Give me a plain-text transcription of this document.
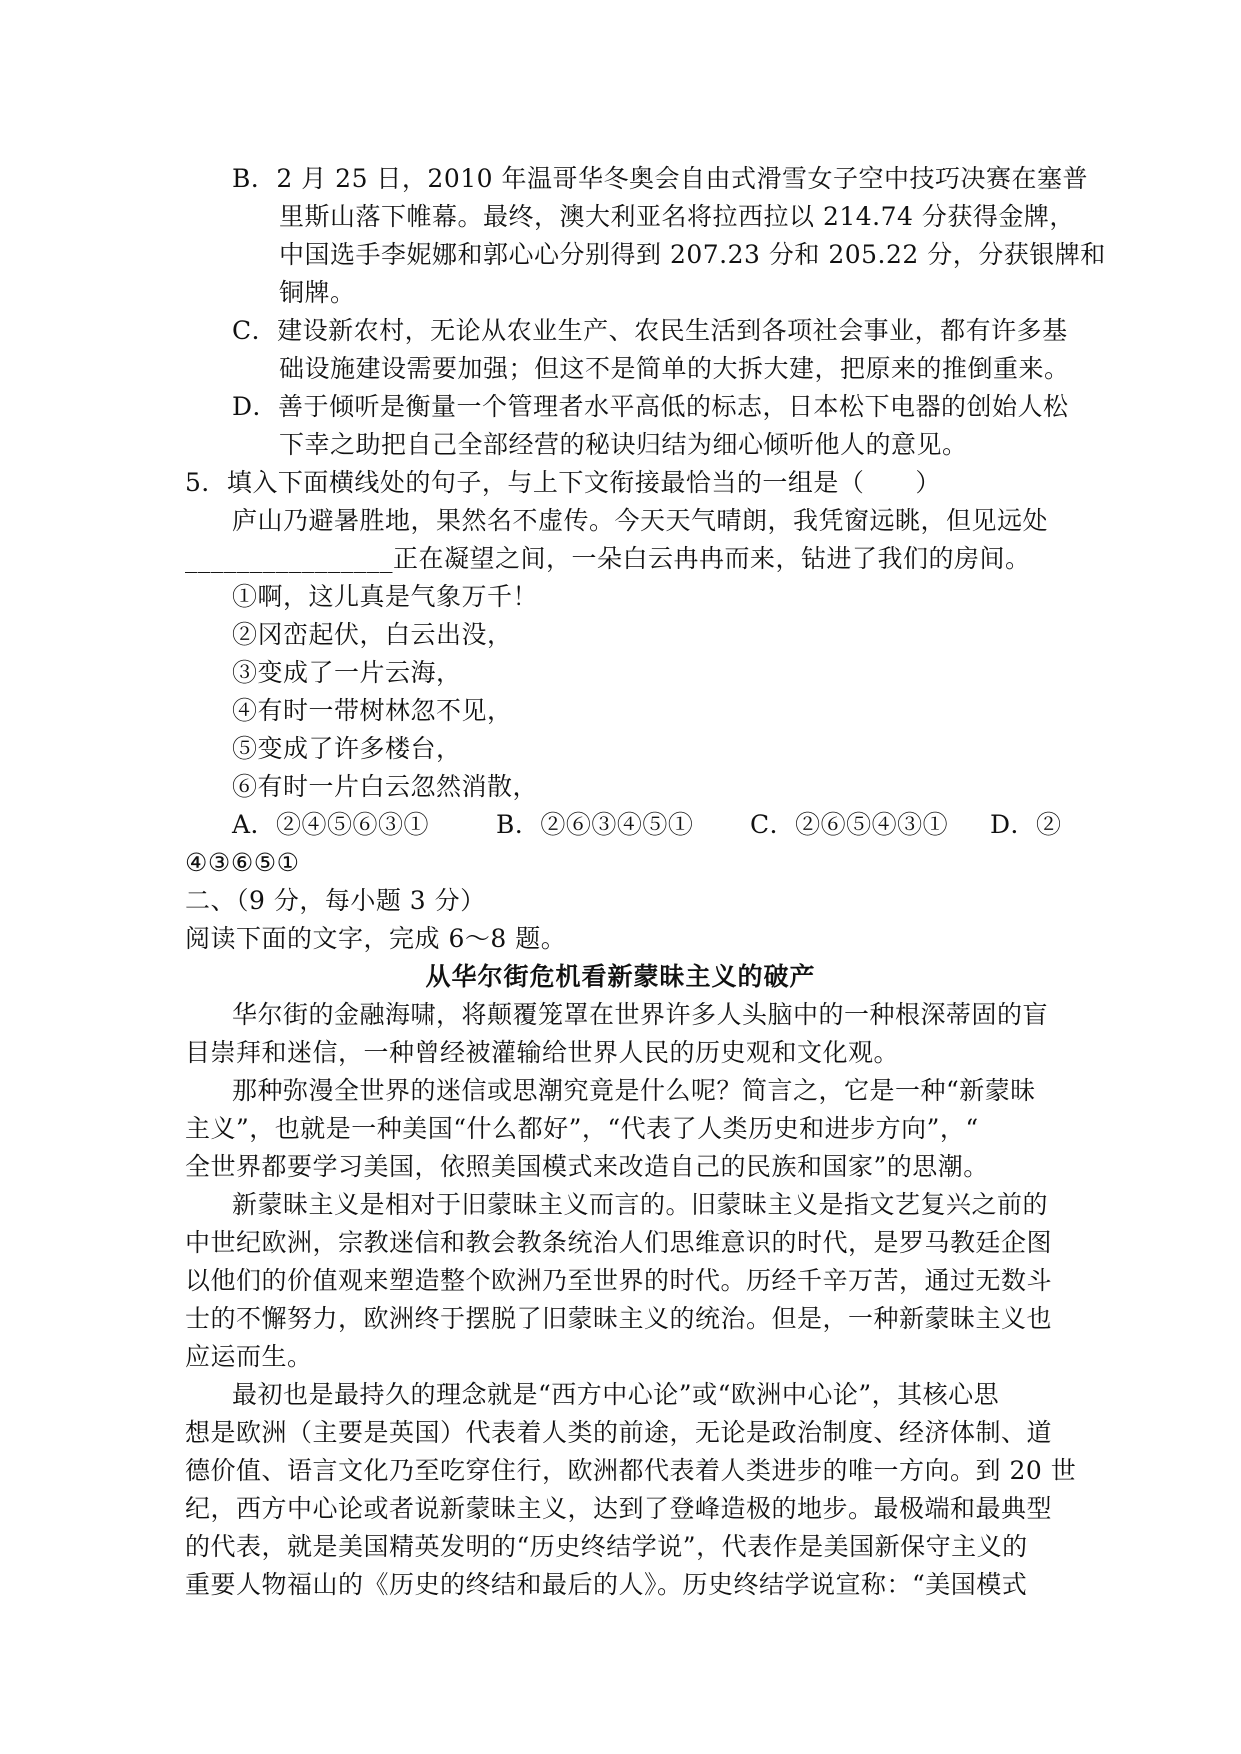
从华尔街危机看新蒙昧主义的破产
B．2 月 25 日，2010 年温哥华冬奥会自由式滑雪女子空中技巧决赛在塞普
里斯山落下帷幕。最终，澳大利亚名将拉西拉以 214.74 分获得金牌，
中国选手李妮娜和郭心心分别得到 207.23 分和 205.22 分，分获银牌和
铜牌。
C．建设新农村，无论从农业生产、农民生活到各项社会事业，都有许多基
础设施建设需要加强；但这不是简单的大拆大建，把原来的推倒重来。
D．善于倾听是衡量一个管理者水平高低的标志，日本松下电器的创始人松
下幸之助把自己全部经营的秘诀归结为细心倾听他人的意见。
5．填入下面横线处的句子，与上下文衔接最恰当的一组是（　　）
庐山乃避暑胜地，果然名不虚传。今天天气晴朗，我凭窗远眺，但见远处
________________正在凝望之间，一朵白云冉冉而来，钻进了我们的房间。
①啊，这儿真是气象万千！
②冈峦起伏，白云出没，
③变成了一片云海，
④有时一带树林忽不见，
⑤变成了许多楼台，
⑥有时一片白云忽然消散，
A．②④⑤⑥③①	B．②⑥③④⑤① C．②⑥⑤④③① D．②
④③⑥⑤①
二、（9 分，每小题 3 分）
阅读下面的文字，完成 6～8 题。
华尔街的金融海啸，将颠覆笼罩在世界许多人头脑中的一种根深蒂固的盲
目崇拜和迷信，一种曾经被灌输给世界人民的历史观和文化观。
那种弥漫全世界的迷信或思潮究竟是什么呢？简言之，它是一种“新蒙昧
主义”，也就是一种美国“什么都好”，“代表了人类历史和进步方向”，“
全世界都要学习美国，依照美国模式来改造自己的民族和国家”的思潮。
新蒙昧主义是相对于旧蒙昧主义而言的。旧蒙昧主义是指文艺复兴之前的
中世纪欧洲，宗教迷信和教会教条统治人们思维意识的时代，是罗马教廷企图
以他们的价值观来塑造整个欧洲乃至世界的时代。历经千辛万苦，通过无数斗
士的不懈努力，欧洲终于摆脱了旧蒙昧主义的统治。但是，一种新蒙昧主义也
应运而生。
最初也是最持久的理念就是“西方中心论”或“欧洲中心论”，其核心思
想是欧洲（主要是英国）代表着人类的前途，无论是政治制度、经济体制、道
德价值、语言文化乃至吃穿住行，欧洲都代表着人类进步的唯一方向。到 20 世
纪，西方中心论或者说新蒙昧主义，达到了登峰造极的地步。最极端和最典型
的代表，就是美国精英发明的“历史终结学说”，代表作是美国新保守主义的
重要人物福山的《历史的终结和最后的人》。历史终结学说宣称：“美国模式
